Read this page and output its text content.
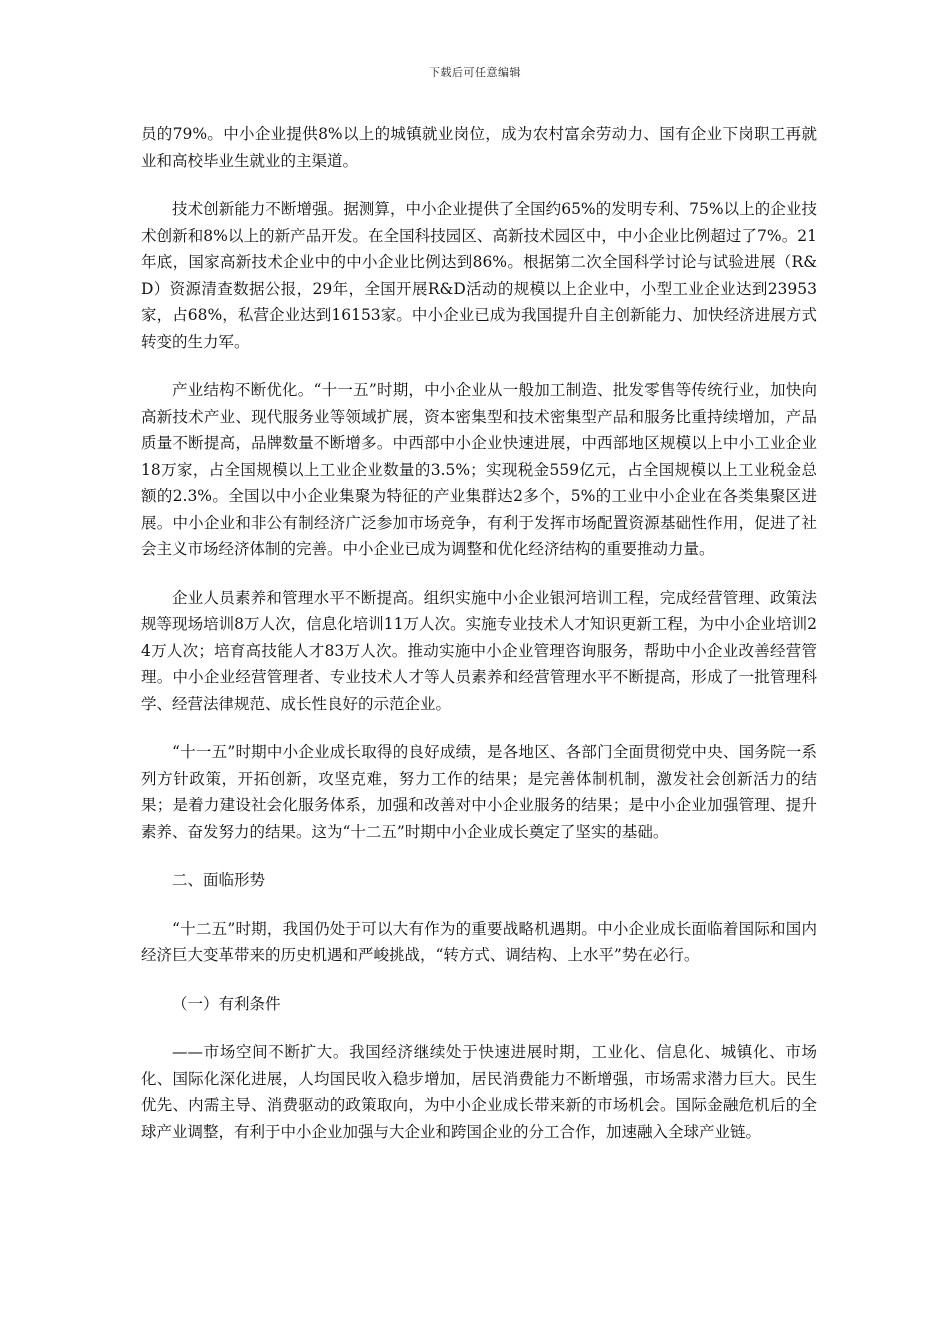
下载后可任意编辑

员的79%。中小企业提供8%以上的城镇就业岗位，成为农村富余劳动力、国有企业下岗职工再就业和高校毕业生就业的主渠道。

技术创新能力不断增强。据测算，中小企业提供了全国约65%的发明专利、75%以上的企业技术创新和8%以上的新产品开发。在全国科技园区、高新技术园区中，中小企业比例超过了7%。21年底，国家高新技术企业中的中小企业比例达到86%。根据第二次全国科学讨论与试验进展（R&D）资源清查数据公报，29年，全国开展R&D活动的规模以上企业中，小型工业企业达到23953家，占68%，私营企业达到16153家。中小企业已成为我国提升自主创新能力、加快经济进展方式转变的生力军。

产业结构不断优化。“十一五”时期，中小企业从一般加工制造、批发零售等传统行业，加快向高新技术产业、现代服务业等领域扩展，资本密集型和技术密集型产品和服务比重持续增加，产品质量不断提高，品牌数量不断增多。中西部中小企业快速进展，中西部地区规模以上中小工业企业18万家，占全国规模以上工业企业数量的3.5%；实现税金559亿元，占全国规模以上工业税金总额的2.3%。全国以中小企业集聚为特征的产业集群达2多个，5%的工业中小企业在各类集聚区进展。中小企业和非公有制经济广泛参加市场竞争，有利于发挥市场配置资源基础性作用，促进了社会主义市场经济体制的完善。中小企业已成为调整和优化经济结构的重要推动力量。

企业人员素养和管理水平不断提高。组织实施中小企业银河培训工程，完成经营管理、政策法规等现场培训8万人次，信息化培训11万人次。实施专业技术人才知识更新工程，为中小企业培训24万人次；培育高技能人才83万人次。推动实施中小企业管理咨询服务，帮助中小企业改善经营管理。中小企业经营管理者、专业技术人才等人员素养和经营管理水平不断提高，形成了一批管理科学、经营法律规范、成长性良好的示范企业。

“十一五”时期中小企业成长取得的良好成绩，是各地区、各部门全面贯彻党中央、国务院一系列方针政策，开拓创新，攻坚克难，努力工作的结果；是完善体制机制，激发社会创新活力的结果；是着力建设社会化服务体系，加强和改善对中小企业服务的结果；是中小企业加强管理、提升素养、奋发努力的结果。这为“十二五”时期中小企业成长奠定了坚实的基础。

二、面临形势

“十二五”时期，我国仍处于可以大有作为的重要战略机遇期。中小企业成长面临着国际和国内经济巨大变革带来的历史机遇和严峻挑战，“转方式、调结构、上水平”势在必行。

（一）有利条件

——市场空间不断扩大。我国经济继续处于快速进展时期，工业化、信息化、城镇化、市场化、国际化深化进展，人均国民收入稳步增加，居民消费能力不断增强，市场需求潜力巨大。民生优先、内需主导、消费驱动的政策取向，为中小企业成长带来新的市场机会。国际金融危机后的全球产业调整，有利于中小企业加强与大企业和跨国企业的分工合作，加速融入全球产业链。
